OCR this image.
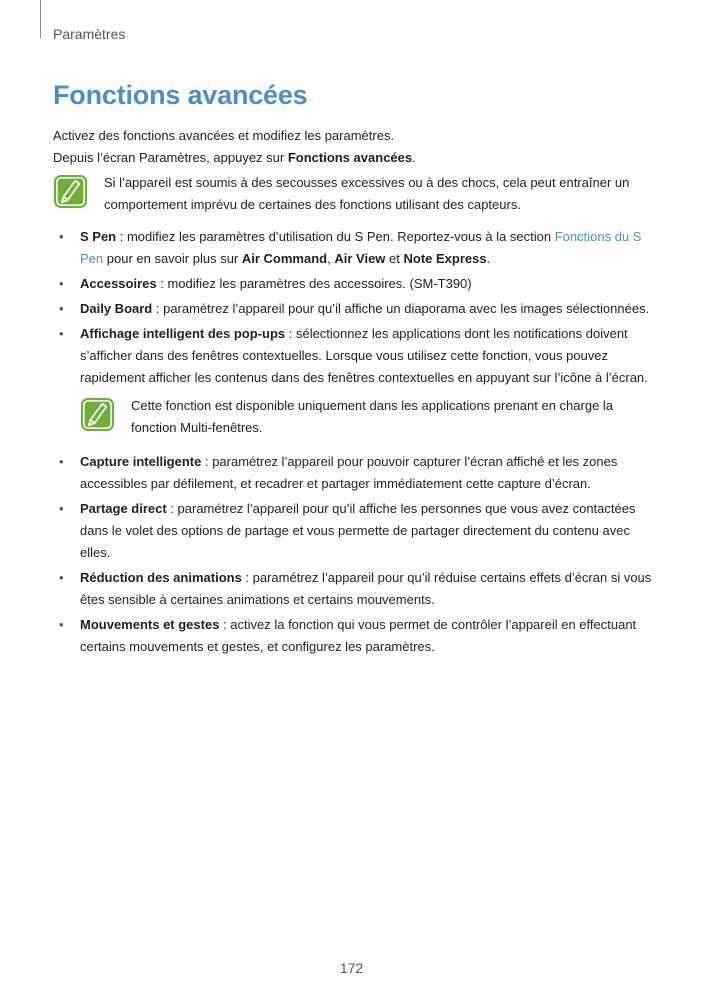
Paramètres
Fonctions avancées

Activez des fonctions avancées et modifiez les paramètres.

Depuis l’écran Paramètres, appuyez sur Fonctions avancées.

Si l’appareil est soumis à des secousses excessives ou à des chocs, cela peut entraîner un comportement imprévu de certaines des fonctions utilisant des capteurs.

• S Pen : modifiez les paramètres d’utilisation du S Pen. Reportez-vous à la section Fonctions du S Pen pour en savoir plus sur Air Command, Air View et Note Express.
• Accessoires : modifiez les paramètres des accessoires. (SM-T390)
• Daily Board : paramétrez l’appareil pour qu’il affiche un diaporama avec les images sélectionnées.
• Affichage intelligent des pop-ups : sélectionnez les applications dont les notifications doivent s’afficher dans des fenêtres contextuelles. Lorsque vous utilisez cette fonction, vous pouvez rapidement afficher les contenus dans des fenêtres contextuelles en appuyant sur l’icône à l’écran.

Cette fonction est disponible uniquement dans les applications prenant en charge la fonction Multi-fenêtres.

• Capture intelligente : paramétrez l’appareil pour pouvoir capturer l’écran affiché et les zones accessibles par défilement, et recadrer et partager immédiatement cette capture d’écran.
• Partage direct : paramétrez l’appareil pour qu’il affiche les personnes que vous avez contactées dans le volet des options de partage et vous permette de partager directement du contenu avec elles.
• Réduction des animations : paramétrez l’appareil pour qu’il réduise certains effets d’écran si vous êtes sensible à certaines animations et certains mouvements.
• Mouvements et gestes : activez la fonction qui vous permet de contrôler l’appareil en effectuant certains mouvements et gestes, et configurez les paramètres.
172
